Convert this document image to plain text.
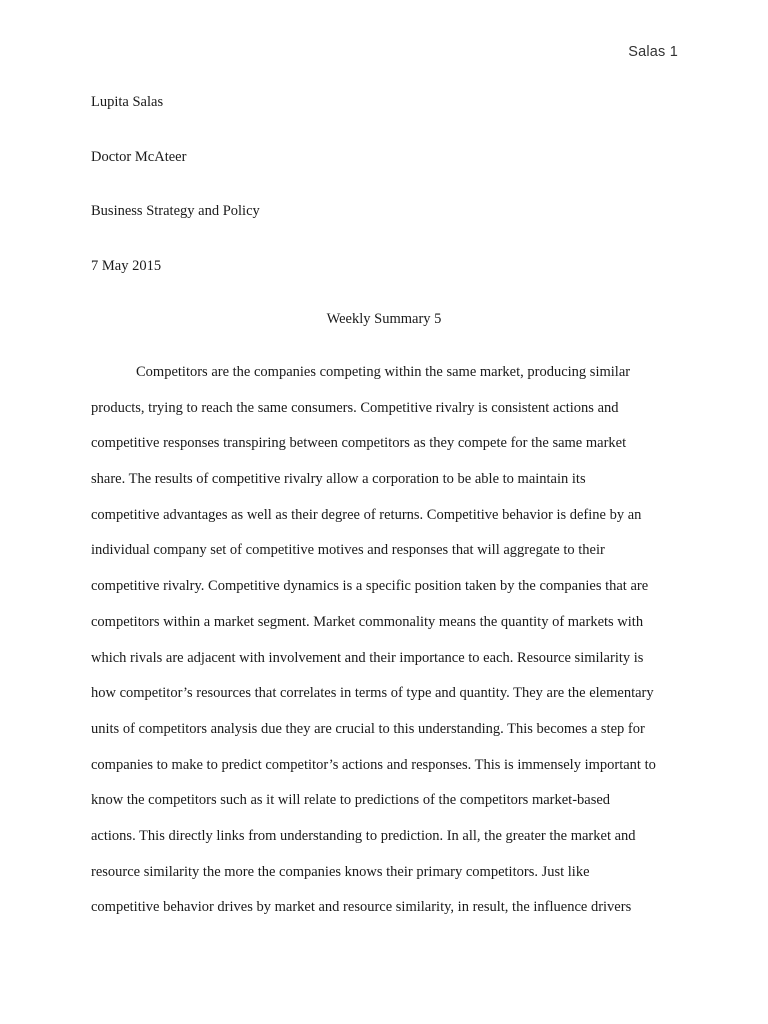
Salas 1
Lupita Salas
Doctor McAteer
Business Strategy and Policy
7 May 2015
Weekly Summary 5
Competitors are the companies competing within the same market, producing similar
products, trying to reach the same consumers. Competitive rivalry is consistent actions and
competitive responses transpiring between competitors as they compete for the same market
share. The results of competitive rivalry allow a corporation to be able to maintain its
competitive advantages as well as their degree of returns. Competitive behavior is define by an
individual company set of competitive motives and responses that will aggregate to their
competitive rivalry. Competitive dynamics is a specific position taken by the companies that are
competitors within a market segment. Market commonality means the quantity of markets with
which rivals are adjacent with involvement and their importance to each. Resource similarity is
how competitor’s resources that correlates in terms of type and quantity. They are the elementary
units of competitors analysis due they are crucial to this understanding. This becomes a step for
companies to make to predict competitor’s actions and responses. This is immensely important to
know the competitors such as it will relate to predictions of the competitors market-based
actions. This directly links from understanding to prediction. In all, the greater the market and
resource similarity the more the companies knows their primary competitors. Just like
competitive behavior drives by market and resource similarity, in result, the influence drivers
